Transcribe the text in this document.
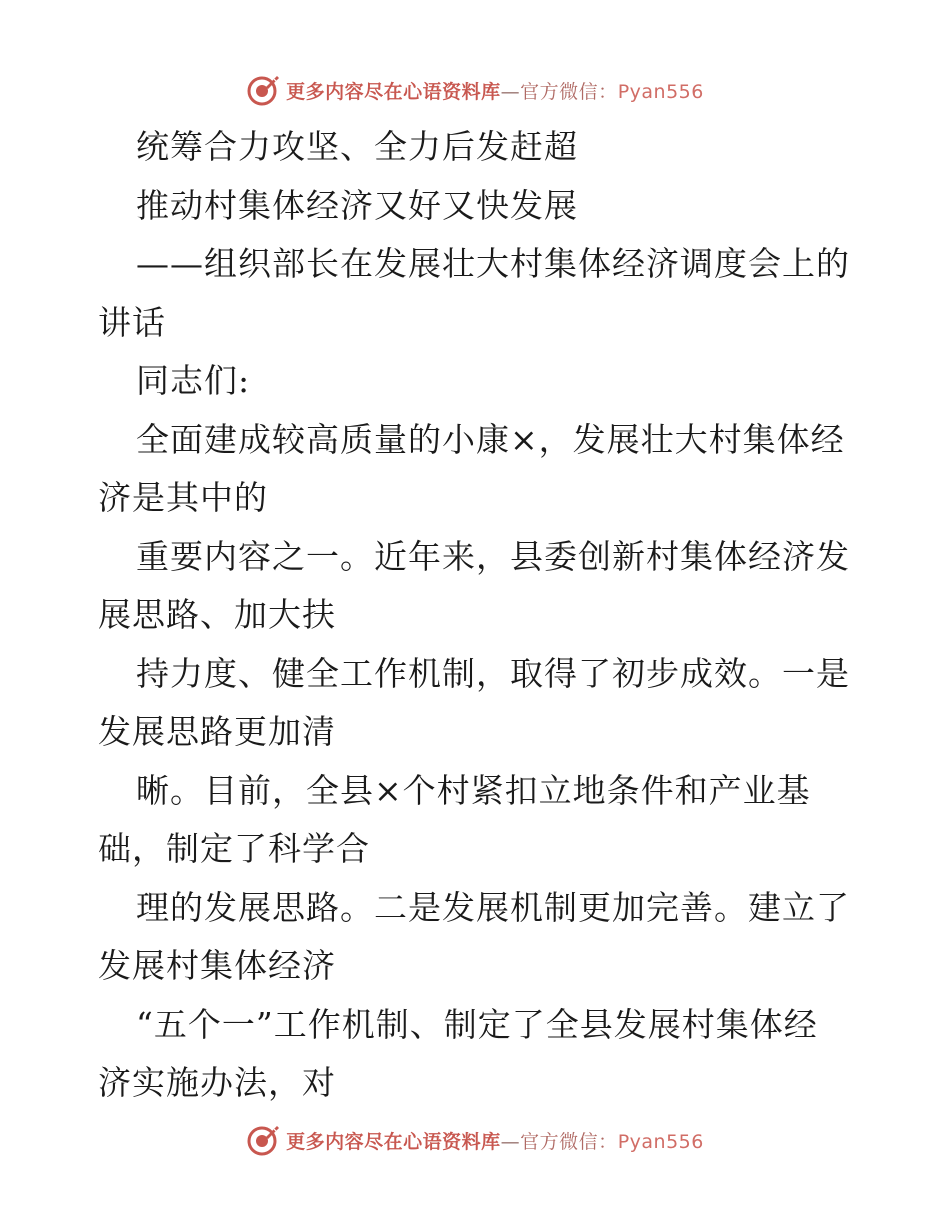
更多内容尽在心语资料库—官方微信：Pyan556
统筹合力攻坚、全力后发赶超
推动村集体经济又好又快发展
——组织部长在发展壮大村集体经济调度会上的
讲话
同志们:
全面建成较高质量的小康×，发展壮大村集体经
济是其中的
重要内容之一。近年来，县委创新村集体经济发
展思路、加大扶
持力度、健全工作机制，取得了初步成效。一是
发展思路更加清
晰。目前，全县×个村紧扣立地条件和产业基
础，制定了科学合
理的发展思路。二是发展机制更加完善。建立了
发展村集体经济
“五个一”工作机制、制定了全县发展村集体经
济实施办法，对
更多内容尽在心语资料库—官方微信：Pyan556
